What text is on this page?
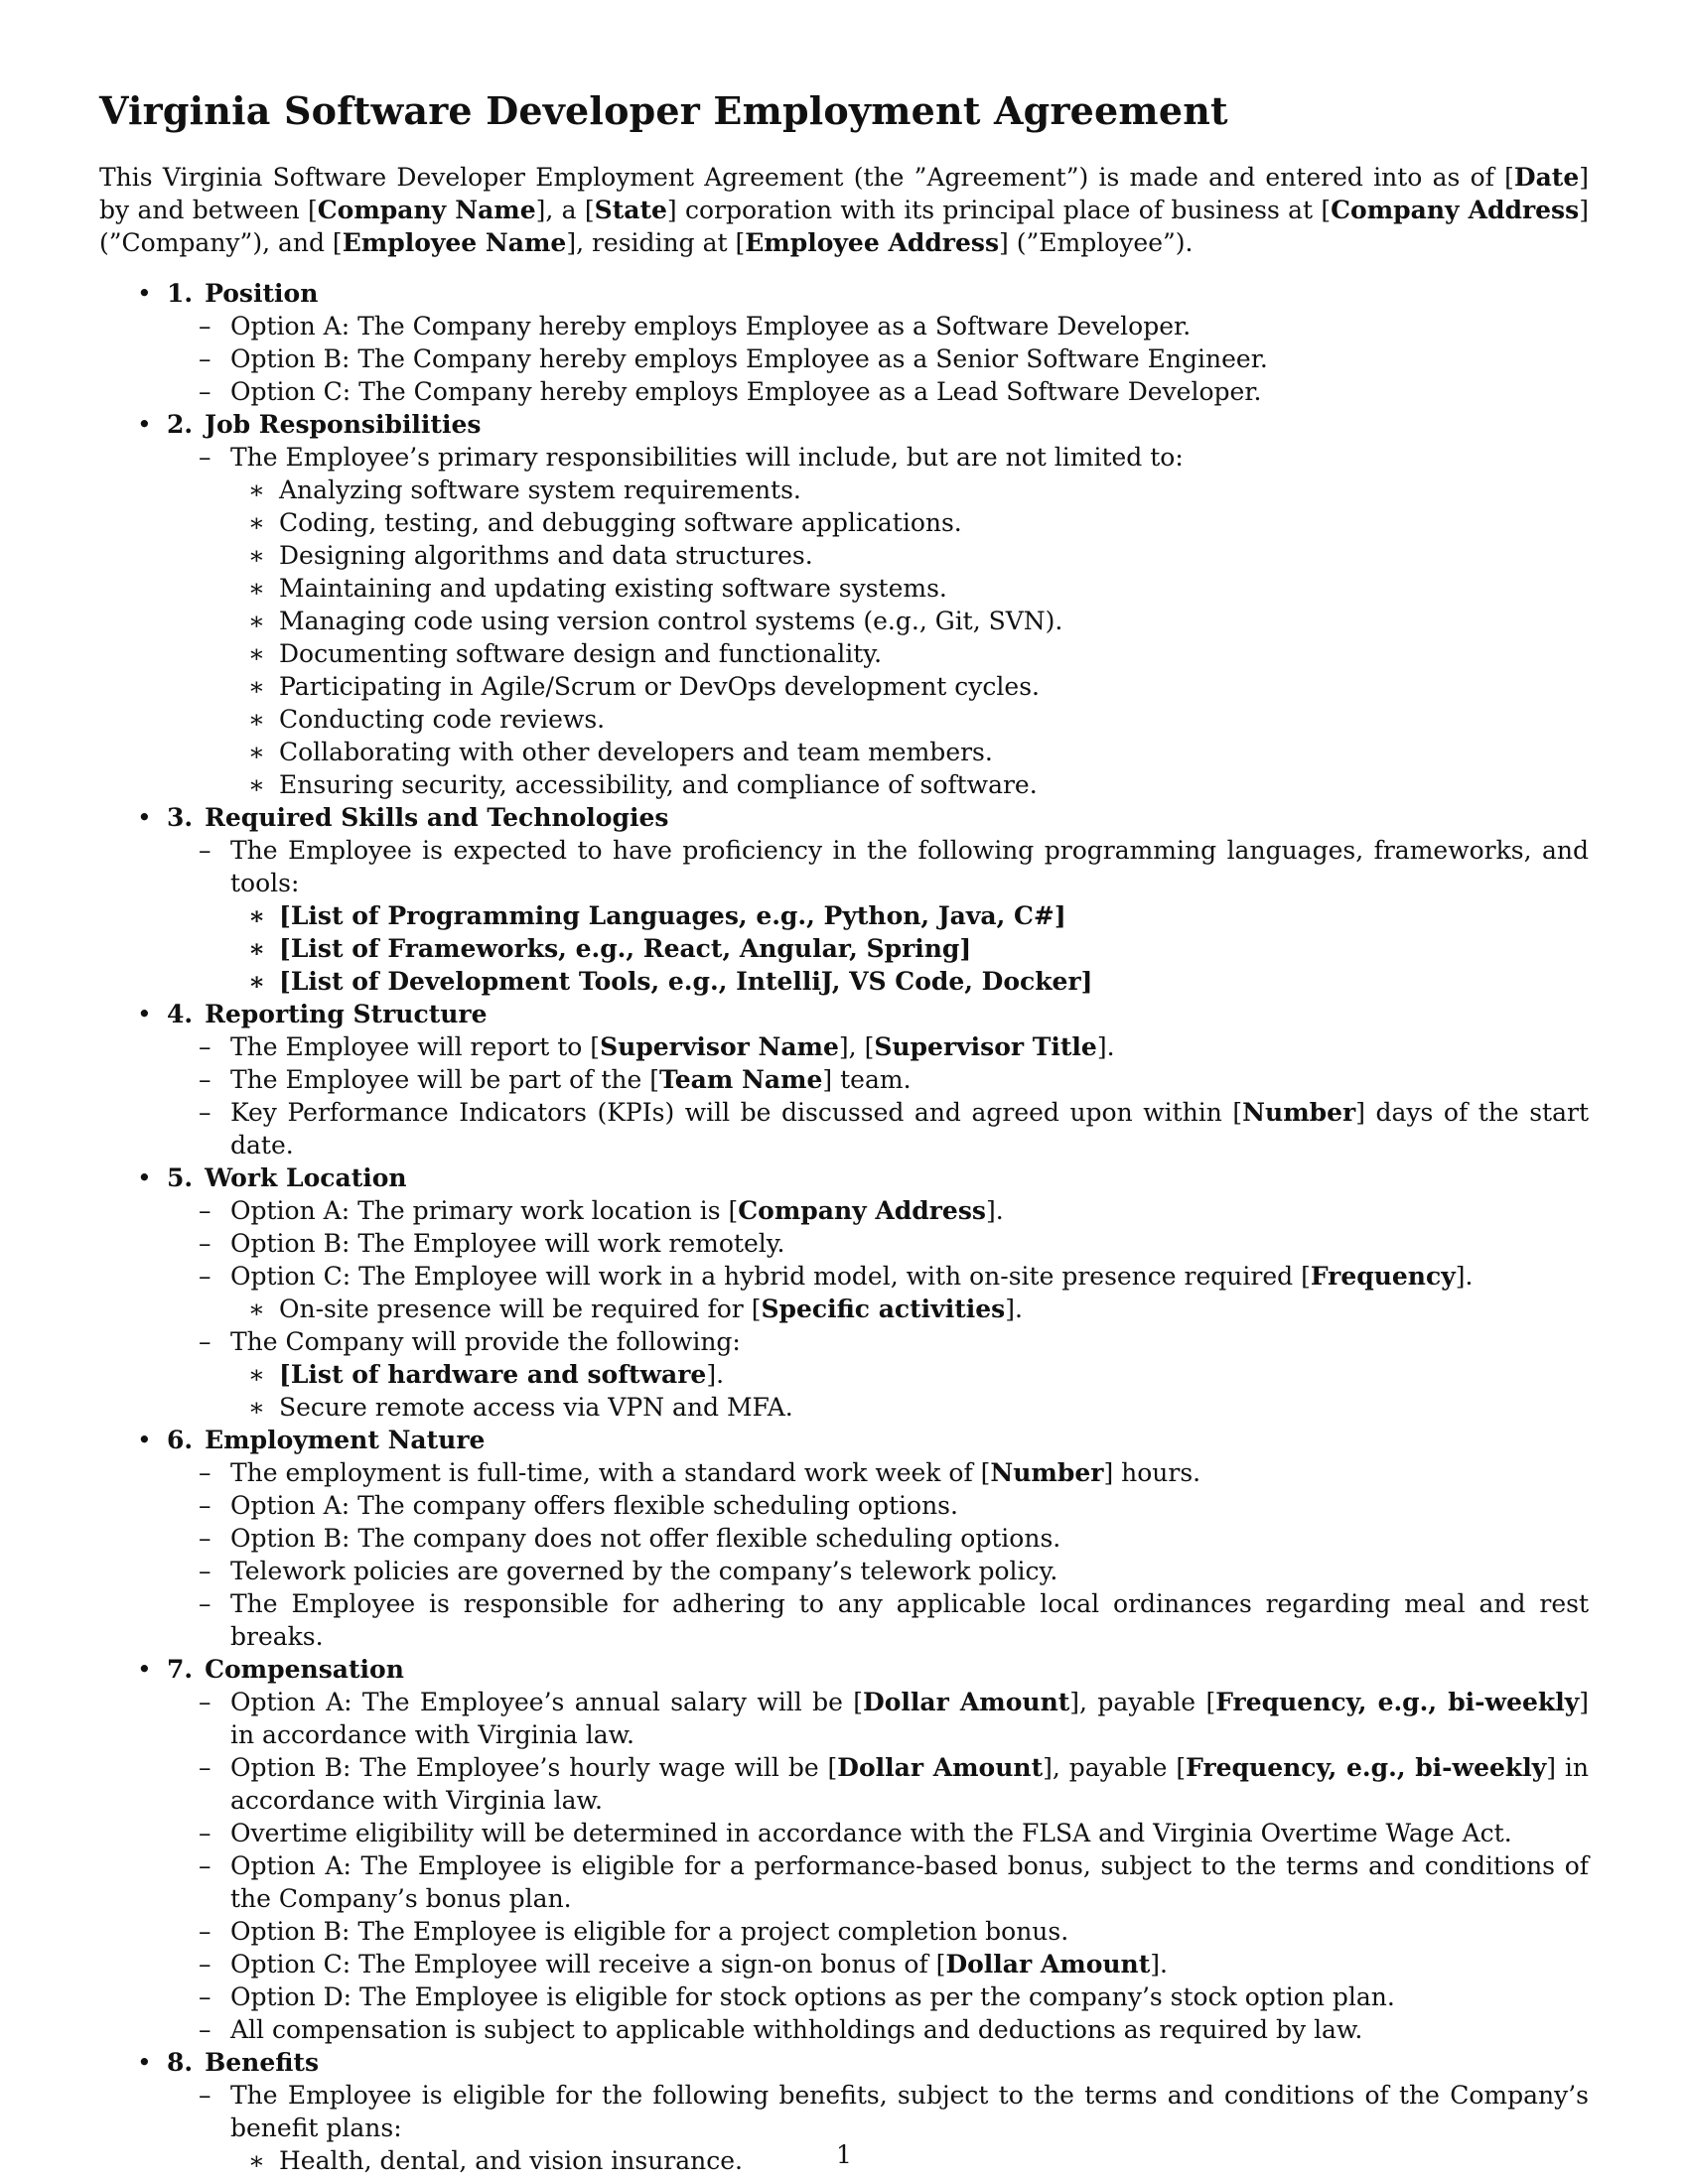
Virginia Software Developer Employment Agreement

This Virginia Software Developer Employment Agreement (the ”Agreement”) is made and entered into as of [Date] by and between [Company Name], a [State] corporation with its principal place of business at [Company Address] (”Company”), and [Employee Name], residing at [Employee Address] (”Employee”).

• 1. Position
– Option A: The Company hereby employs Employee as a Software Developer.
– Option B: The Company hereby employs Employee as a Senior Software Engineer.
– Option C: The Company hereby employs Employee as a Lead Software Developer.
• 2. Job Responsibilities
– The Employee’s primary responsibilities will include, but are not limited to:
∗ Analyzing software system requirements.
∗ Coding, testing, and debugging software applications.
∗ Designing algorithms and data structures.
∗ Maintaining and updating existing software systems.
∗ Managing code using version control systems (e.g., Git, SVN).
∗ Documenting software design and functionality.
∗ Participating in Agile/Scrum or DevOps development cycles.
∗ Conducting code reviews.
∗ Collaborating with other developers and team members.
∗ Ensuring security, accessibility, and compliance of software.
• 3. Required Skills and Technologies
– The Employee is expected to have proficiency in the following programming languages, frameworks, and tools:
∗ [List of Programming Languages, e.g., Python, Java, C#]
∗ [List of Frameworks, e.g., React, Angular, Spring]
∗ [List of Development Tools, e.g., IntelliJ, VS Code, Docker]
• 4. Reporting Structure
– The Employee will report to [Supervisor Name], [Supervisor Title].
– The Employee will be part of the [Team Name] team.
– Key Performance Indicators (KPIs) will be discussed and agreed upon within [Number] days of the start date.
• 5. Work Location
– Option A: The primary work location is [Company Address].
– Option B: The Employee will work remotely.
– Option C: The Employee will work in a hybrid model, with on-site presence required [Frequency].
∗ On-site presence will be required for [Specific activities].
– The Company will provide the following:
∗ [List of hardware and software].
∗ Secure remote access via VPN and MFA.
• 6. Employment Nature
– The employment is full-time, with a standard work week of [Number] hours.
– Option A: The company offers flexible scheduling options.
– Option B: The company does not offer flexible scheduling options.
– Telework policies are governed by the company’s telework policy.
– The Employee is responsible for adhering to any applicable local ordinances regarding meal and rest breaks.
• 7. Compensation
– Option A: The Employee’s annual salary will be [Dollar Amount], payable [Frequency, e.g., bi-weekly] in accordance with Virginia law.
– Option B: The Employee’s hourly wage will be [Dollar Amount], payable [Frequency, e.g., bi-weekly] in accordance with Virginia law.
– Overtime eligibility will be determined in accordance with the FLSA and Virginia Overtime Wage Act.
– Option A: The Employee is eligible for a performance-based bonus, subject to the terms and conditions of the Company’s bonus plan.
– Option B: The Employee is eligible for a project completion bonus.
– Option C: The Employee will receive a sign-on bonus of [Dollar Amount].
– Option D: The Employee is eligible for stock options as per the company’s stock option plan.
– All compensation is subject to applicable withholdings and deductions as required by law.
• 8. Benefits
– The Employee is eligible for the following benefits, subject to the terms and conditions of the Company’s benefit plans:
∗ Health, dental, and vision insurance.	1
